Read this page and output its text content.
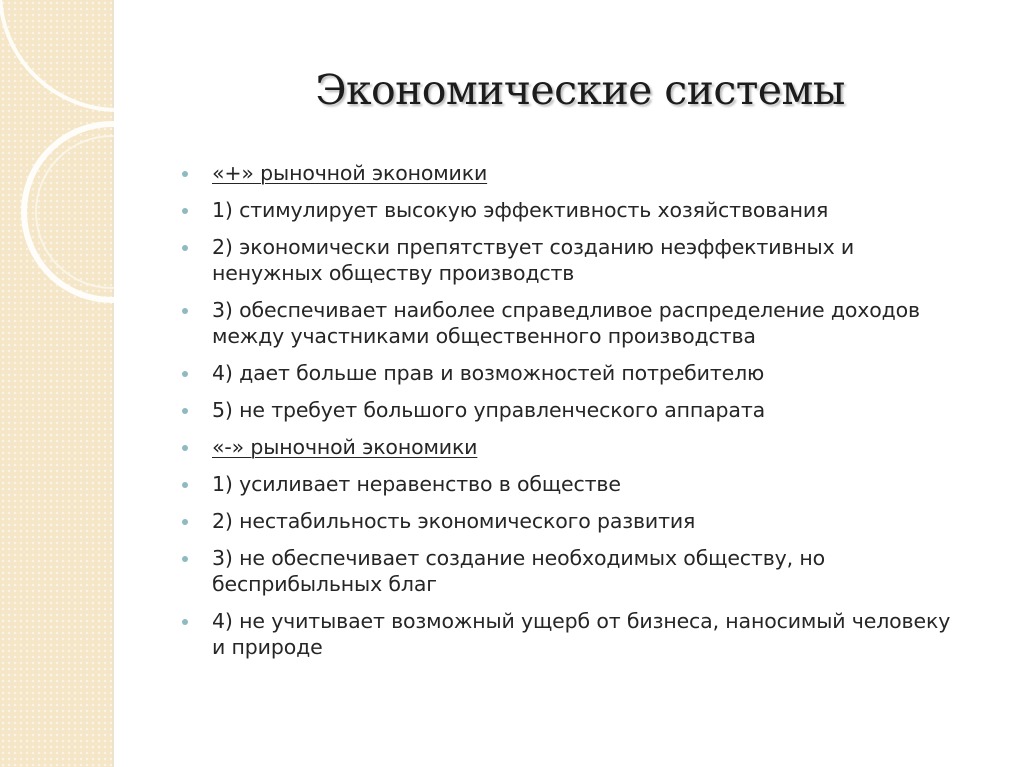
Экономические системы
«+» рыночной экономики
1) стимулирует высокую эффективность хозяйствования
2) экономически препятствует созданию неэффективных и ненужных обществу производств
3) обеспечивает наиболее справедливое распределение доходов между участниками общественного производства
4) дает больше прав и возможностей потребителю
5) не требует большого управленческого аппарата
«-» рыночной экономики
1) усиливает неравенство в обществе
2) нестабильность экономического развития
3) не обеспечивает создание необходимых обществу, но бесприбыльных благ
4) не учитывает возможный ущерб от бизнеса, наносимый человеку и природе
